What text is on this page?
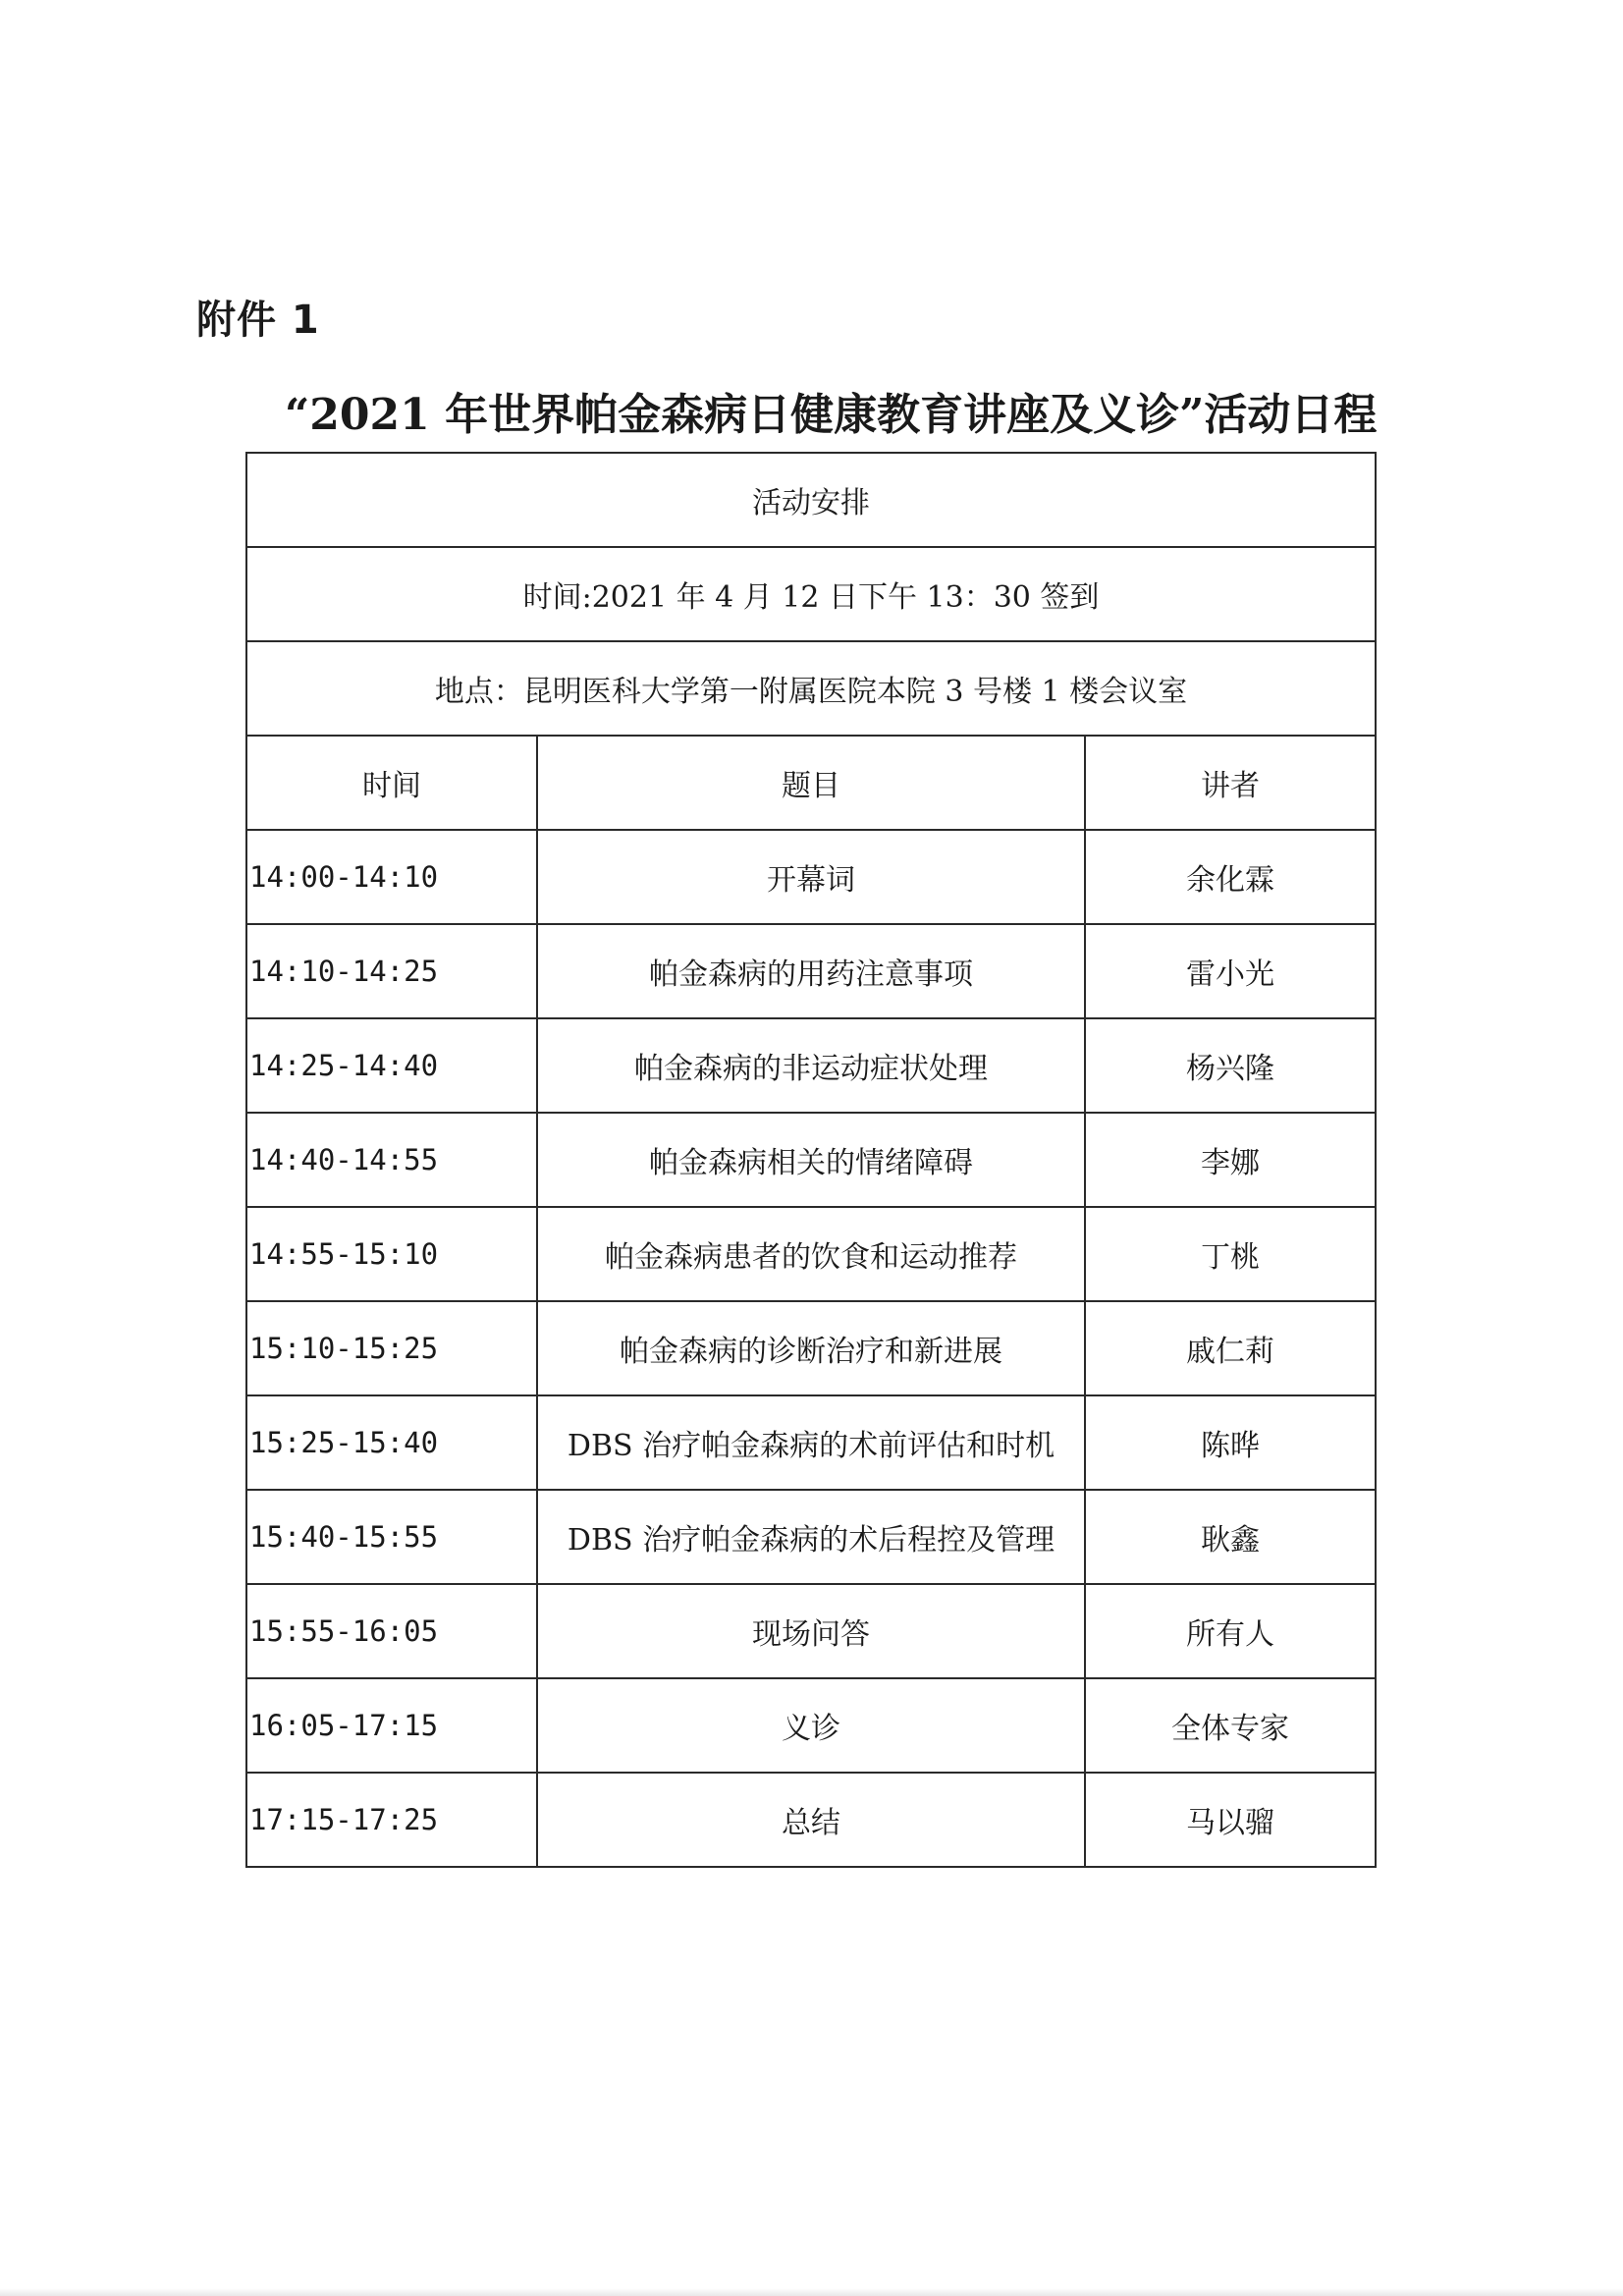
附件 1
“2021 年世界帕金森病日健康教育讲座及义诊”活动日程
活动安排		
时间:2021 年 4 月 12 日下午 13：30 签到		
地点：昆明医科大学第一附属医院本院 3 号楼 1 楼会议室		
时间	题目	讲者
14:00-14:10	开幕词	余化霖
14:10-14:25	帕金森病的用药注意事项	雷小光
14:25-14:40	帕金森病的非运动症状处理	杨兴隆
14:40-14:55	帕金森病相关的情绪障碍	李娜
14:55-15:10	帕金森病患者的饮食和运动推荐	丁桃
15:10-15:25	帕金森病的诊断治疗和新进展	戚仁莉
15:25-15:40	DBS 治疗帕金森病的术前评估和时机	陈晔
15:40-15:55	DBS 治疗帕金森病的术后程控及管理	耿鑫
15:55-16:05	现场问答	所有人
16:05-17:15	义诊	全体专家
17:15-17:25	总结	马以骝
